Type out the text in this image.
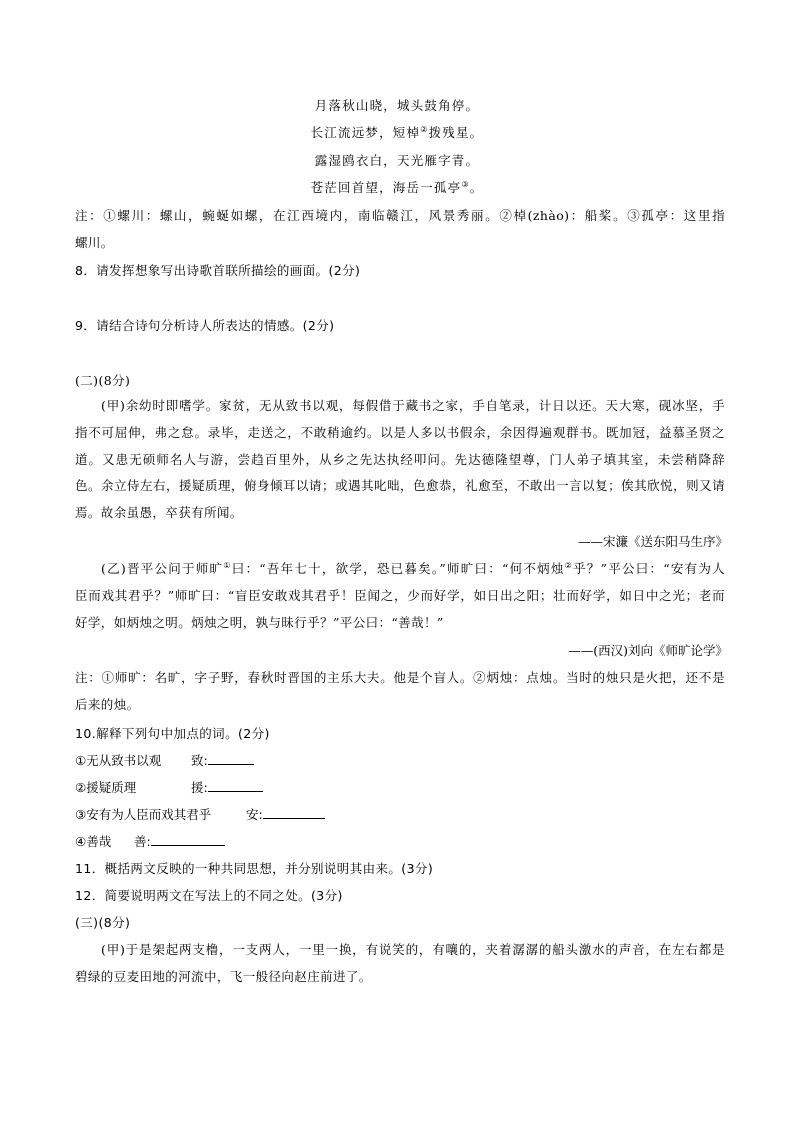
月落秋山晓，城头鼓角停。
长江流远梦，短棹②拨残星。
露湿鸥衣白，天光雁字青。
苍茫回首望，海岳一孤亭③。
注：①螺川：螺山，蜿蜒如螺，在江西境内，南临赣江，风景秀丽。②棹(zhào)：船桨。③孤亭：这里指
螺川。
8．请发挥想象写出诗歌首联所描绘的画面。(2分)
9．请结合诗句分析诗人所表达的情感。(2分)
(二)(8分)
(甲)余幼时即嗜学。家贫，无从致书以观，每假借于藏书之家，手自笔录，计日以还。天大寒，砚冰坚，手
指不可屈伸，弗之怠。录毕，走送之，不敢稍逾约。以是人多以书假余，余因得遍观群书。既加冠，益慕圣贤之
道。又患无硕师名人与游，尝趋百里外，从乡之先达执经叩问。先达德隆望尊，门人弟子填其室，未尝稍降辞
色。余立侍左右，援疑质理，俯身倾耳以请；或遇其叱咄，色愈恭，礼愈至，不敢出一言以复；俟其欣悦，则又请
焉。故余虽愚，卒获有所闻。
——宋濂《送东阳马生序》
(乙)晋平公问于师旷①曰：“吾年七十，欲学，恐已暮矣。”师旷曰：“何不炳烛②乎？”平公曰：“安有为人
臣而戏其君乎？”师旷曰：“盲臣安敢戏其君乎！臣闻之，少而好学，如日出之阳；壮而好学，如日中之光；老而
好学，如炳烛之明。炳烛之明，孰与昧行乎？”平公曰：“善哉！”
——(西汉)刘向《师旷论学》
注：①师旷：名旷，字子野，春秋时晋国的主乐大夫。他是个盲人。②炳烛：点烛。当时的烛只是火把，还不是
后来的烛。
10.解释下列句中加点的词。(2分)
①无从致书以观 致:
②援疑质理	援:
③安有为人臣而戏其君乎	安:
④善哉 善:
11．概括两文反映的一种共同思想，并分别说明其由来。(3分)
12．简要说明两文在写法上的不同之处。(3分)
(三)(8分)
(甲)于是架起两支橹，一支两人，一里一换，有说笑的，有嚷的，夹着潺潺的船头激水的声音，在左右都是
碧绿的豆麦田地的河流中，飞一般径向赵庄前进了。
